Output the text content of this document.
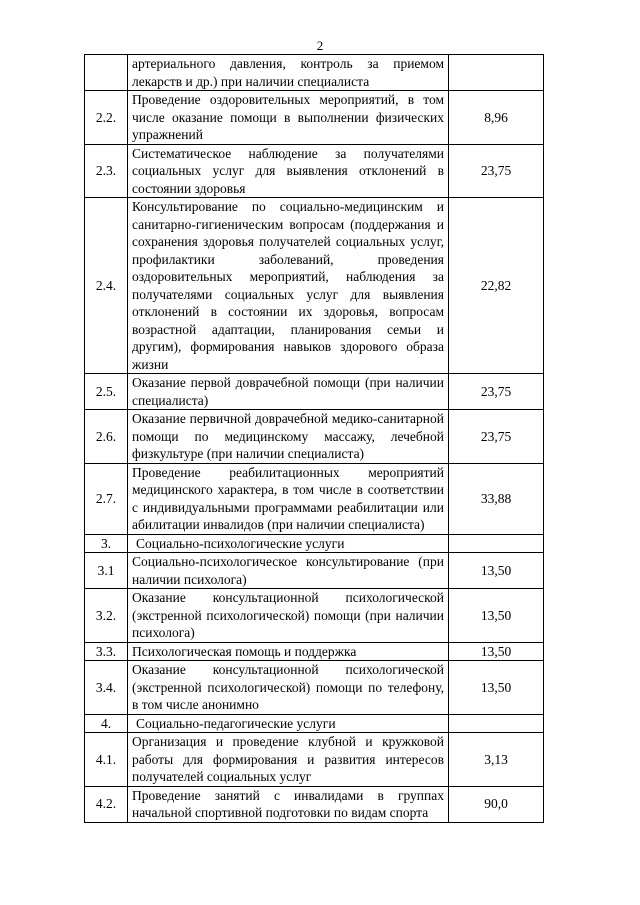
2
	артериального давления, контроль за приемом лекарств и др.) при наличии специалиста	
2.2.	Проведение оздоровительных мероприятий, в том числе оказание помощи в выполнении физических упражнений	8,96
2.3.	Систематическое наблюдение за получателями социальных услуг для выявления отклонений в состоянии здоровья	23,75
2.4.	Консультирование по социально-медицинским и санитарно-гигиеническим вопросам (поддержания и сохранения здоровья получателей социальных услуг, профилактики заболеваний, проведения оздоровительных мероприятий, наблюдения за получателями социальных услуг для выявления отклонений в состоянии их здоровья, вопросам возрастной адаптации, планирования семьи и другим), формирования навыков здорового образа жизни	22,82
2.5.	Оказание первой доврачебной помощи (при наличии специалиста)	23,75
2.6.	Оказание первичной доврачебной медико-санитарной помощи по медицинскому массажу, лечебной физкультуре (при наличии специалиста)	23,75
2.7.	Проведение реабилитационных мероприятий медицинского характера, в том числе в соответствии с индивидуальными программами реабилитации или абилитации инвалидов (при наличии специалиста)	33,88
3.	Социально-психологические услуги	
3.1	Социально-психологическое консультирование (при наличии психолога)	13,50
3.2.	Оказание консультационной психологической (экстренной психологической) помощи (при наличии психолога)	13,50
3.3.	Психологическая помощь и поддержка	13,50
3.4.	Оказание консультационной психологической (экстренной психологической) помощи по телефону, в том числе анонимно	13,50
4.	Социально-педагогические услуги	
4.1.	Организация и проведение клубной и кружковой работы для формирования и развития интересов получателей социальных услуг	3,13
4.2.	Проведение занятий с инвалидами в группах начальной спортивной подготовки по видам спорта	90,0
